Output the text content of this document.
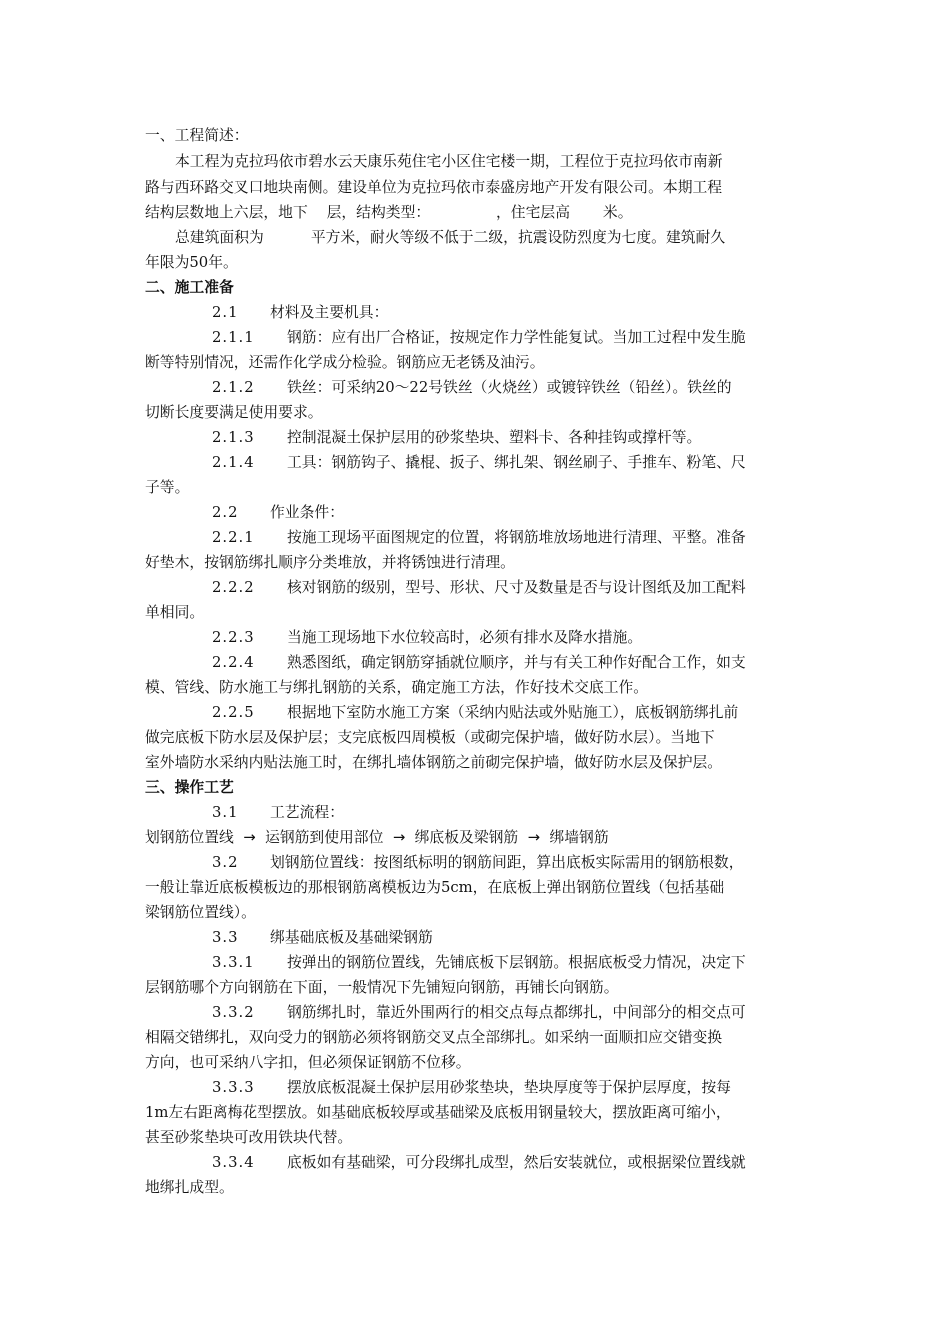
一、工程简述：
本工程为克拉玛依市碧水云天康乐苑住宅小区住宅楼一期，工程位于克拉玛依市南新
路与西环路交叉口地块南侧。建设单位为克拉玛依市泰盛房地产开发有限公司。本期工程
结构层数地上六层，地下    层，结构类型：              ，住宅层高       米。
总建筑面积为          平方米，耐火等级不低于二级，抗震设防烈度为七度。建筑耐久
年限为50年。
二、施工准备
2.1 材料及主要机具：
2.1.1 钢筋：应有出厂合格证，按规定作力学性能复试。当加工过程中发生脆
断等特别情况，还需作化学成分检验。钢筋应无老锈及油污。
2.1.2 铁丝：可采纳20～22号铁丝（火烧丝）或镀锌铁丝（铅丝）。铁丝的
切断长度要满足使用要求。
2.1.3 控制混凝土保护层用的砂浆垫块、塑料卡、各种挂钩或撑杆等。
2.1.4 工具：钢筋钩子、撬棍、扳子、绑扎架、钢丝刷子、手推车、粉笔、尺
子等。
2.2 作业条件：
2.2.1 按施工现场平面图规定的位置，将钢筋堆放场地进行清理、平整。准备
好垫木，按钢筋绑扎顺序分类堆放，并将锈蚀进行清理。
2.2.2 核对钢筋的级别，型号、形状、尺寸及数量是否与设计图纸及加工配料
单相同。
2.2.3 当施工现场地下水位较高时，必须有排水及降水措施。
2.2.4 熟悉图纸，确定钢筋穿插就位顺序，并与有关工种作好配合工作，如支
模、管线、防水施工与绑扎钢筋的关系，确定施工方法，作好技术交底工作。
2.2.5 根据地下室防水施工方案（采纳内贴法或外贴施工），底板钢筋绑扎前
做完底板下防水层及保护层；支完底板四周模板（或砌完保护墙，做好防水层）。当地下
室外墙防水采纳内贴法施工时，在绑扎墙体钢筋之前砌完保护墙，做好防水层及保护层。
三、操作工艺
3.1 工艺流程：
划钢筋位置线  →  运钢筋到使用部位  →  绑底板及梁钢筋  →  绑墙钢筋
3.2 划钢筋位置线：按图纸标明的钢筋间距，算出底板实际需用的钢筋根数，
一般让靠近底板模板边的那根钢筋离模板边为5cm，在底板上弹出钢筋位置线（包括基础
梁钢筋位置线）。
3.3 绑基础底板及基础梁钢筋
3.3.1 按弹出的钢筋位置线，先铺底板下层钢筋。根据底板受力情况，决定下
层钢筋哪个方向钢筋在下面，一般情况下先铺短向钢筋，再铺长向钢筋。
3.3.2 钢筋绑扎时，靠近外围两行的相交点每点都绑扎，中间部分的相交点可
相隔交错绑扎，双向受力的钢筋必须将钢筋交叉点全部绑扎。如采纳一面顺扣应交错变换
方向，也可采纳八字扣，但必须保证钢筋不位移。
3.3.3 摆放底板混凝土保护层用砂浆垫块，垫块厚度等于保护层厚度，按每
1m左右距离梅花型摆放。如基础底板较厚或基础梁及底板用钢量较大，摆放距离可缩小，
甚至砂浆垫块可改用铁块代替。
3.3.4 底板如有基础梁，可分段绑扎成型，然后安装就位，或根据梁位置线就
地绑扎成型。
